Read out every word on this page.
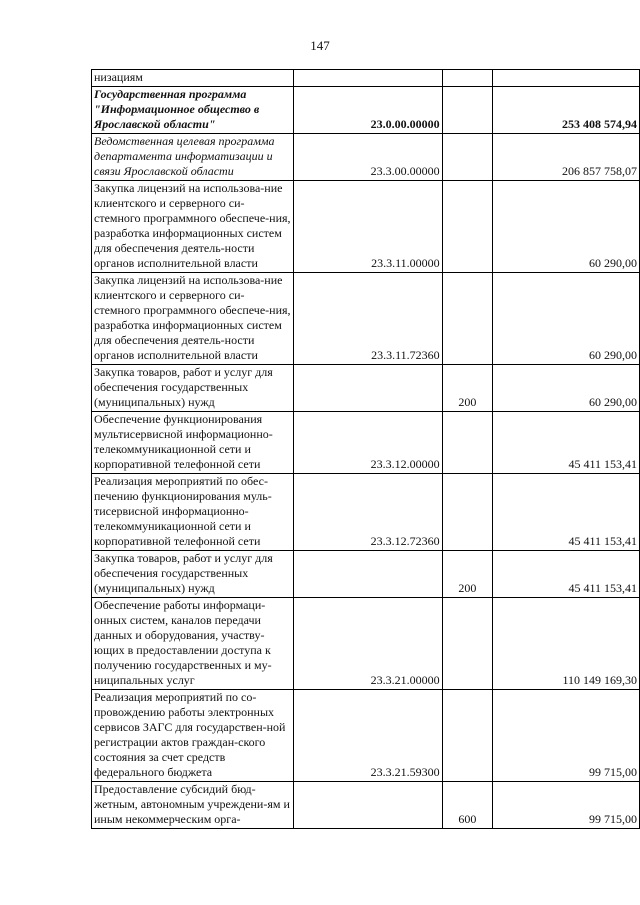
147
низациям			
Государственная программа "Информационное общество в Ярославской области"	23.0.00.00000		253 408 574,94
Ведомственная целевая программа департамента информатизации и связи Ярославской области	23.3.00.00000		206 857 758,07
Закупка лицензий на использова-ние клиентского и серверного си-стемного программного обеспече-ния, разработка информационных систем для обеспечения деятель-ности органов исполнительной власти	23.3.11.00000		60 290,00
Закупка лицензий на использова-ние клиентского и серверного си-стемного программного обеспече-ния, разработка информационных систем для обеспечения деятель-ности органов исполнительной власти	23.3.11.72360		60 290,00
Закупка товаров, работ и услуг для обеспечения государственных (муниципальных) нужд		200	60 290,00
Обеспечение функционирования мультисервисной информационно-телекоммуникационной сети и корпоративной телефонной сети	23.3.12.00000		45 411 153,41
Реализация мероприятий по обес-печению функционирования муль-тисервисной информационно-телекоммуникационной сети и корпоративной телефонной сети	23.3.12.72360		45 411 153,41
Закупка товаров, работ и услуг для обеспечения государственных (муниципальных) нужд		200	45 411 153,41
Обеспечение работы информаци-онных систем, каналов передачи данных и оборудования, участву-ющих в предоставлении доступа к получению государственных и му-ниципальных услуг	23.3.21.00000		110 149 169,30
Реализация мероприятий по со-провождению работы электронных сервисов ЗАГС для государствен-ной регистрации актов граждан-ского состояния за счет средств федерального бюджета	23.3.21.59300		99 715,00
Предоставление субсидий бюд-жетным, автономным учреждени-ям и иным некоммерческим орга-		600	99 715,00
